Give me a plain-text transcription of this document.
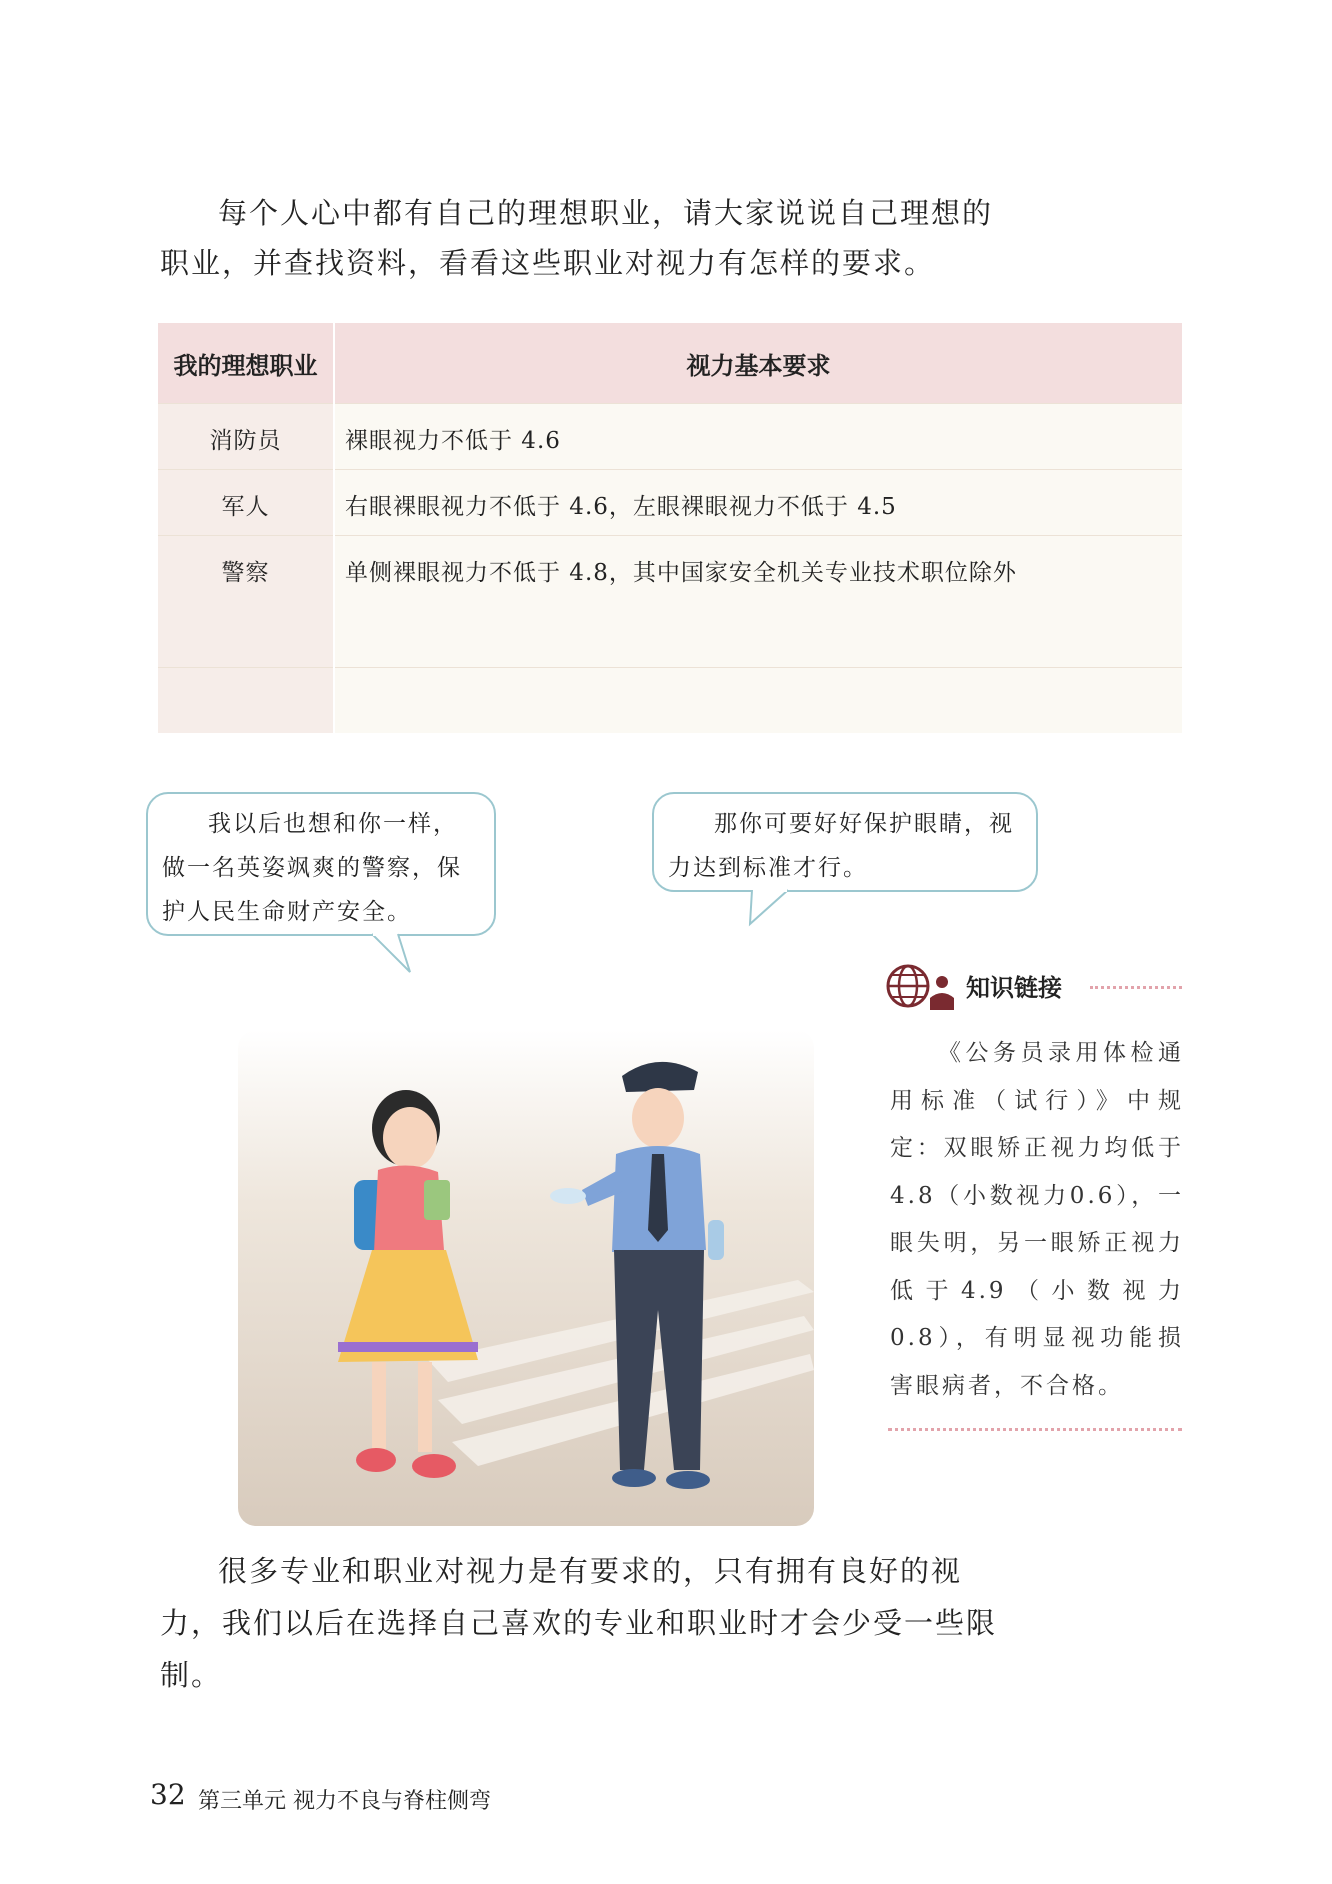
每个人心中都有自己的理想职业，请大家说说自己理想的职业，并查找资料，看看这些职业对视力有怎样的要求。

我的理想职业	视力基本要求
消防员	裸眼视力不低于 4.6
军人	右眼裸眼视力不低于 4.6，左眼裸眼视力不低于 4.5
警察	单侧裸眼视力不低于 4.8，其中国家安全机关专业技术职位除外

我以后也想和你一样，做一名英姿飒爽的警察，保护人民生命财产安全。
那你可要好好保护眼睛，视力达到标准才行。
知识链接

《公务员录用体检通用标准（试行）》中规定：双眼矫正视力均低于4.8（小数视力0.6），一眼失明，另一眼矫正视力低于4.9（小数视力0.8），有明显视功能损害眼病者，不合格。

很多专业和职业对视力是有要求的，只有拥有良好的视力，我们以后在选择自己喜欢的专业和职业时才会少受一些限制。

32 第三单元 视力不良与脊柱侧弯
